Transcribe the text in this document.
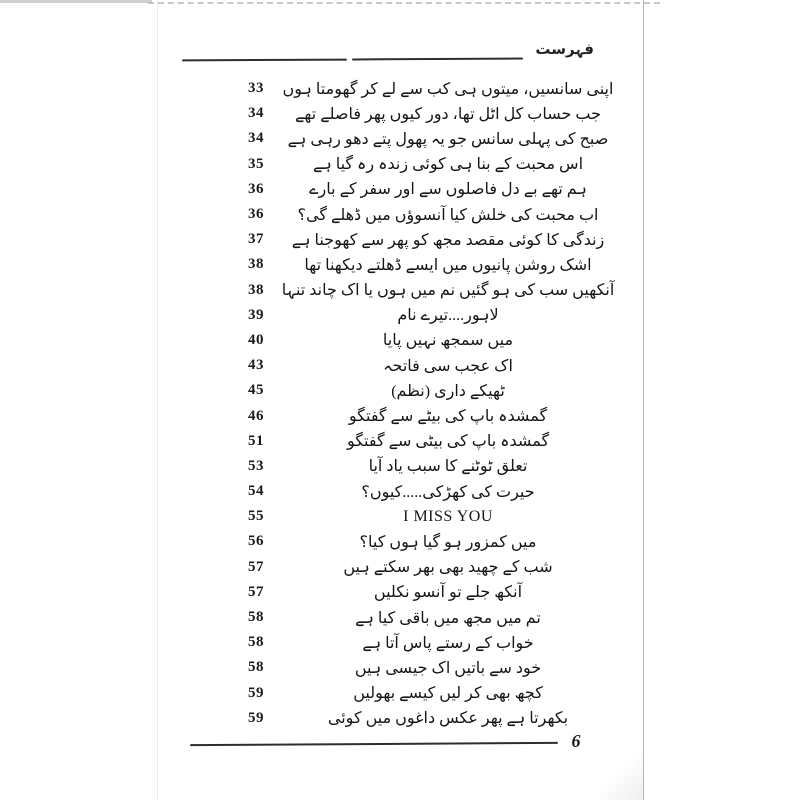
فہرست
33	اپنی سانسیں، میتوں ہی کب سے لے کر گھومتا ہوں
34	جب حساب کل اٹل تھا، دور کیوں پھر فاصلے تھے
34	صبح کی پہلی سانس جو یہ پھول پتے دھو رہی ہے
35	اس محبت کے بنا ہی کوئی زندہ رہ گیا ہے
36	ہم تھے بے دل فاصلوں سے اور سفر کے بارے
36	اب محبت کی خلش کیا آنسوؤں میں ڈھلے گی؟
37	زندگی کا کوئی مقصد مجھ کو پھر سے کھوجنا ہے
38	اشک روشن پانیوں میں ایسے ڈھلتے دیکھنا تھا
38	آنکھیں سب کی ہو گئیں نم میں ہوں یا اک چاند تنہا
39	لاہور....تیرے نام
40	میں سمجھ نہیں پایا
43	اک عجب سی فاتحہ
45	ٹھیکے داری (نظم)
46	گمشدہ باپ کی بیٹے سے گفتگو
51	گمشدہ باپ کی بیٹی سے گفتگو
53	تعلق ٹوٹنے کا سبب یاد آیا
54	حیرت کی کھڑکی.....کیوں؟
55	I MISS YOU
56	میں کمزور ہو گیا ہوں کیا؟
57	شب کے چھید بھی بھر سکتے ہیں
57	آنکھ جلے تو آنسو نکلیں
58	تم میں مجھ میں باقی کیا ہے
58	خواب کے رستے پاس آتا ہے
58	خود سے باتیں اک جیسی ہیں
59	کچھ بھی کر لیں کیسے بھولیں
59	بکھرتا ہے پھر عکس داغوں میں کوئی
6
